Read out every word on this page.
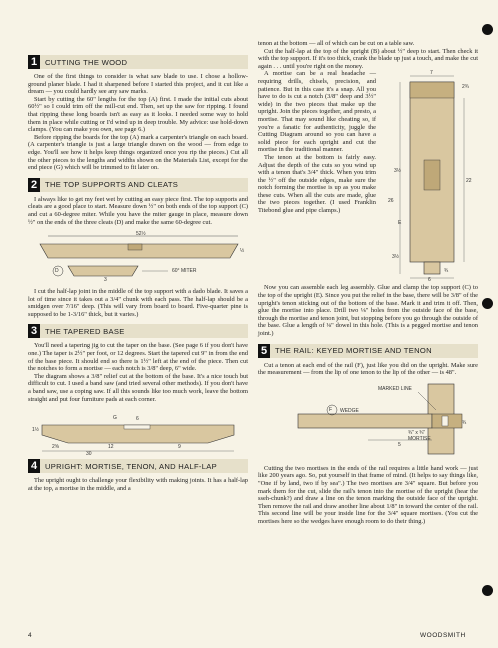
1	CUTTING THE WOOD

One of the first things to consider is what saw blade to use. I chose a hollow-ground planer blade. I had it sharpened before I started this project, and it cut like a dream — you could hardly see any saw marks.

Start by cutting the 60" lengths for the top (A) first. I made the initial cuts about 60½" so I could trim off the mill-cut end. Then, set up the saw for ripping. I found that ripping these long boards isn't as easy as it looks. I needed some way to hold them in place while cutting or I'd wind up in deep trouble. My advice: use hold-down clamps. (You can make you own, see page 6.)

Before ripping the boards for the top (A) mark a carpenter's triangle on each board. (A carpenter's triangle is just a large triangle drawn on the wood — from edge to edge. You'll see how it helps keep things organized once you rip the pieces.) Cut all the other pieces to the lengths and widths shown on the Materials List, except for the end piece (G) which will be trimmed to fit later on.

2	THE TOP SUPPORTS AND CLEATS

I always like to get my feet wet by cutting an easy piece first. The top supports and cleats are a good place to start. Measure down ½" on both ends of the top support (C) and cut a 60-degree miter. While you have the miter gauge in place, measure down ½" on the ends of the three cleats (D) and make the same 60-degree cut.

52½
D
3
60° MITER
½

I cut the half-lap joint in the middle of the top support with a dado blade. It saves a lot of time since it takes out a 3/4" chunk with each pass. The half-lap should be a smidgen over 7/16" deep. (This will vary from board to board. Five-quarter pine is supposed to be 1-3/16" thick, but it varies.)

3	THE TAPERED BASE

You'll need a tapering jig to cut the taper on the base. (See page 6 if you don't have one.) The taper is 2½" per foot, or 12 degrees. Start the tapered cut 9" in from the end of the base piece. It should end so there is 1½" left at the end of the piece. Then cut the notches to form a mortise — each notch is 3/8" deep, 6" wide.

The diagram shows a 3/8" relief cut at the bottom of the base. It's a nice touch but difficult to cut. I used a band saw (and tried several other methods). If you don't have a band saw, use a coping saw. If all this sounds like too much work, leave the bottom straight and put four furniture pads at each corner.

6
G
1½
2⅝	12	9
30
4	UPRIGHT: MORTISE, TENON, AND HALF-LAP

The upright ought to challenge your flexibility with making joints. It has a half-lap at the top, a mortise in the middle, and a

tenon at the bottom — all of which can be cut on a table saw.

Cut the half-lap at the top of the upright (B) about ½" deep to start. Then check it with the top support. If it's too thick, crank the blade up just a touch, and make the cut again . . . until you're right on the money.

A mortise can be a real headache — requiring drills, chisels, precision, and patience. But in this case it's a snap. All you have to do is cut a notch (3/8" deep and 3½" wide) in the two pieces that make up the upright. Join the pieces together, and presto, a mortise. That may sound like cheating so, if you're a fanatic for authenticity, juggle the Cutting Diagram around so you can have a solid piece for each upright and cut the mortise in the traditional manner.

The tenon at the bottom is fairly easy. Adjust the depth of the cuts so you wind up with a tenon that's 3/4" thick. When you trim the ½" off the outside edges, make sure the notch forming the mortise is up as you make these cuts. When all the cuts are made, glue the two pieces together. (I used Franklin Titebond glue and pipe clamps.)

7
2¾
22
3½
26
E
3½
6
¾

Now you can assemble each leg assembly. Glue and clamp the top support (C) to the top of the upright (E). Since you put the relief in the base, there will be 3/8" of the upright's tenon sticking out of the bottom of the base. Mark it and trim it off. Then, glue the mortise into place. Drill two ⅛" holes from the outside face of the base, through the mortise and tenon joint, but stopping before you go through the outside of the base. Glue a length of ⅛" dowel in this hole. (This is a pegged mortise and tenon joint.)

5	THE RAIL: KEYED MORTISE AND TENON

Cut a tenon at each end of the rail (F), just like you did on the upright. Make sure the measurement — from the lip of one tenon to the lip of the other — is 48".

MARKED LINE
WEDGE
F
¾" x ¾" MORTISE
5
¾

Cutting the two mortises in the ends of the rail requires a little hand work — just like 200 years ago. So, put yourself in that frame of mind. (It helps to say things like, "One if by land, two if by sea".) The two mortises are 3/4" square. But before you mark them for the cut, slide the rail's tenon into the mortise of the upright (hear the sseh-chunk?) and draw a line on the tenon marking the outside face of the upright. Then remove the rail and draw another line about 1/8" in toward the center of the rail. This second line will be your inside line for the 3/4" square mortises. (You cut the mortises here so the wedges have enough room to do their thing.)

4	WOODSMITH
